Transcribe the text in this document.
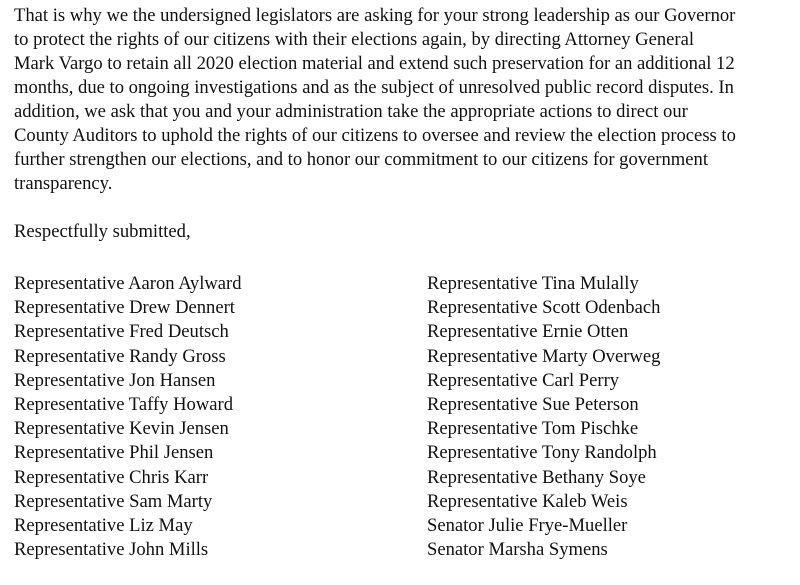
That is why we the undersigned legislators are asking for your strong leadership as our Governor
to protect the rights of our citizens with their elections again, by directing Attorney General
Mark Vargo to retain all 2020 election material and extend such preservation for an additional 12
months, due to ongoing investigations and as the subject of unresolved public record disputes. In
addition, we ask that you and your administration take the appropriate actions to direct our
County Auditors to uphold the rights of our citizens to oversee and review the election process to
further strengthen our elections, and to honor our commitment to our citizens for government
transparency.

Respectfully submitted,

Representative Aaron Aylward
Representative Drew Dennert
Representative Fred Deutsch
Representative Randy Gross
Representative Jon Hansen
Representative Taffy Howard
Representative Kevin Jensen
Representative Phil Jensen
Representative Chris Karr
Representative Sam Marty
Representative Liz May
Representative John Mills
Representative Tina Mulally
Representative Scott Odenbach
Representative Ernie Otten
Representative Marty Overweg
Representative Carl Perry
Representative Sue Peterson
Representative Tom Pischke
Representative Tony Randolph
Representative Bethany Soye
Representative Kaleb Weis
Senator Julie Frye-Mueller
Senator Marsha Symens
